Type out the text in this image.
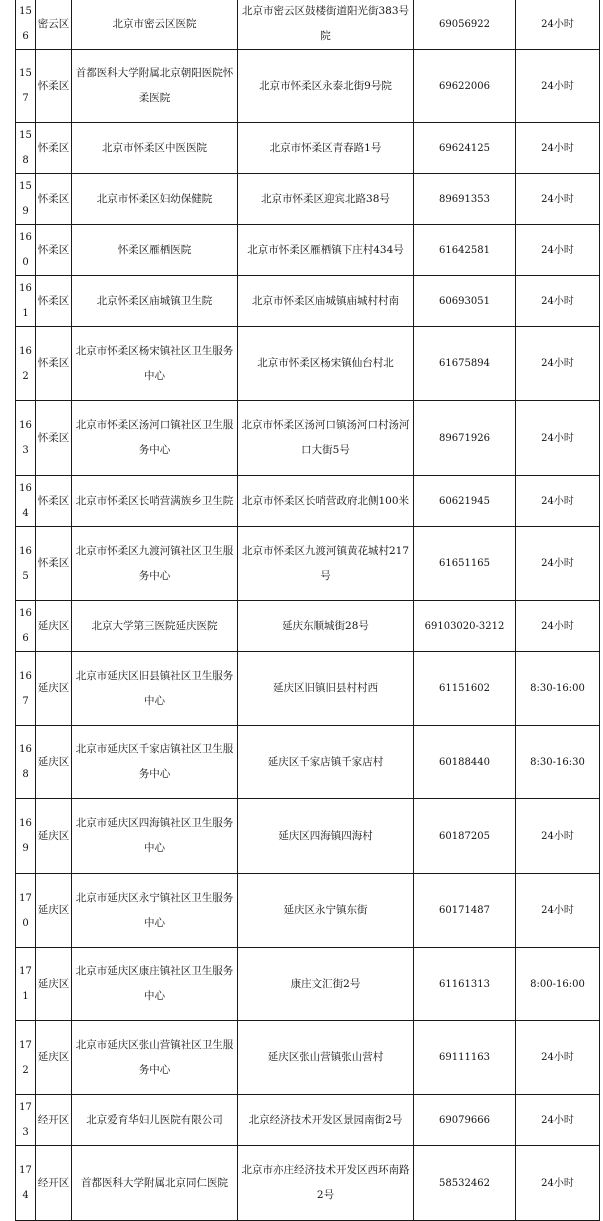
156	密云区	北京市密云区医院	北京市密云区鼓楼街道阳光街383号院	69056922	24小时
157	怀柔区	首都医科大学附属北京朝阳医院怀柔医院	北京市怀柔区永泰北街9号院	69622006	24小时
158	怀柔区	北京市怀柔区中医医院	北京市怀柔区青春路1号	69624125	24小时
159	怀柔区	北京市怀柔区妇幼保健院	北京市怀柔区迎宾北路38号	89691353	24小时
160	怀柔区	怀柔区雁栖医院	北京市怀柔区雁栖镇下庄村434号	61642581	24小时
161	怀柔区	北京怀柔区庙城镇卫生院	北京市怀柔区庙城镇庙城村村南	60693051	24小时
162	怀柔区	北京市怀柔区杨宋镇社区卫生服务中心	北京市怀柔区杨宋镇仙台村北	61675894	24小时
163	怀柔区	北京市怀柔区汤河口镇社区卫生服务中心	北京市怀柔区汤河口镇汤河口村汤河口大街5号	89671926	24小时
164	怀柔区	北京市怀柔区长哨营满族乡卫生院	北京市怀柔区长哨营政府北侧100米	60621945	24小时
165	怀柔区	北京市怀柔区九渡河镇社区卫生服务中心	北京市怀柔区九渡河镇黄花城村217号	61651165	24小时
166	延庆区	北京大学第三医院延庆医院	延庆东顺城街28号	69103020-3212	24小时
167	延庆区	北京市延庆区旧县镇社区卫生服务中心	延庆区旧镇旧县村村西	61151602	8:30-16:00
168	延庆区	北京市延庆区千家店镇社区卫生服务中心	延庆区千家店镇千家店村	60188440	8:30-16:30
169	延庆区	北京市延庆区四海镇社区卫生服务中心	延庆区四海镇四海村	60187205	24小时
170	延庆区	北京市延庆区永宁镇社区卫生服务中心	延庆区永宁镇东街	60171487	24小时
171	延庆区	北京市延庆区康庄镇社区卫生服务中心	康庄文汇街2号	61161313	8:00-16:00
172	延庆区	北京市延庆区张山营镇社区卫生服务中心	延庆区张山营镇张山营村	69111163	24小时
173	经开区	北京爱育华妇儿医院有限公司	北京经济技术开发区景园南街2号	69079666	24小时
174	经开区	首都医科大学附属北京同仁医院	北京市亦庄经济技术开发区西环南路2号	58532462	24小时
